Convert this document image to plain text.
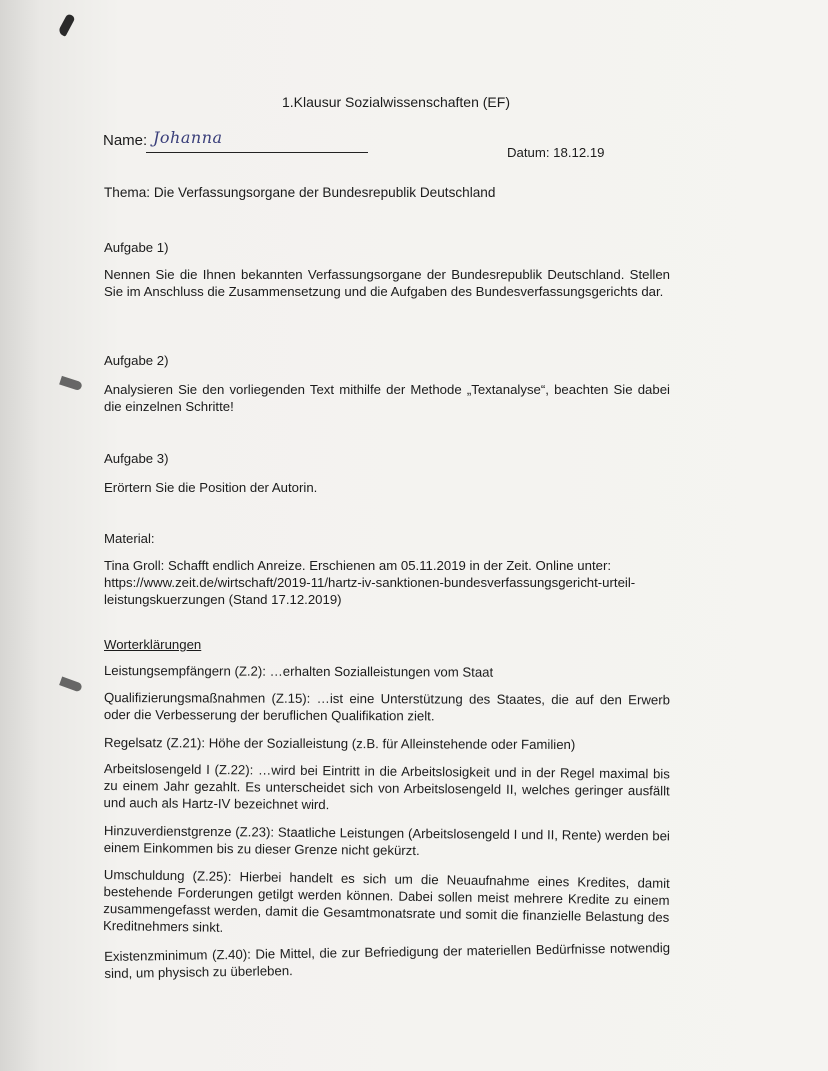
1.Klausur Sozialwissenschaften (EF)
Name: Johanna
Datum: 18.12.19
Thema: Die Verfassungsorgane der Bundesrepublik Deutschland
Aufgabe 1)
Nennen Sie die Ihnen bekannten Verfassungsorgane der Bundesrepublik Deutschland. Stellen Sie im Anschluss die Zusammensetzung und die Aufgaben des Bundesverfassungsgerichts dar.
Aufgabe 2)
Analysieren Sie den vorliegenden Text mithilfe der Methode „Textanalyse“, beachten Sie dabei die einzelnen Schritte!
Aufgabe 3)
Erörtern Sie die Position der Autorin.
Material:
Tina Groll: Schafft endlich Anreize. Erschienen am 05.11.2019 in der Zeit. Online unter: https://www.zeit.de/wirtschaft/2019-11/hartz-iv-sanktionen-bundesverfassungsgericht-urteil-leistungskuerzungen (Stand 17.12.2019)
Worterklärungen
Leistungsempfängern (Z.2): …erhalten Sozialleistungen vom Staat
Qualifizierungsmaßnahmen (Z.15): …ist eine Unterstützung des Staates, die auf den Erwerb oder die Verbesserung der beruflichen Qualifikation zielt.
Regelsatz (Z.21): Höhe der Sozialleistung (z.B. für Alleinstehende oder Familien)
Arbeitslosengeld I (Z.22): …wird bei Eintritt in die Arbeitslosigkeit und in der Regel maximal bis zu einem Jahr gezahlt. Es unterscheidet sich von Arbeitslosengeld II, welches geringer ausfällt und auch als Hartz-IV bezeichnet wird.
Hinzuverdienstgrenze (Z.23): Staatliche Leistungen (Arbeitslosengeld I und II, Rente) werden bei einem Einkommen bis zu dieser Grenze nicht gekürzt.
Umschuldung (Z.25): Hierbei handelt es sich um die Neuaufnahme eines Kredites, damit bestehende Forderungen getilgt werden können. Dabei sollen meist mehrere Kredite zu einem zusammengefasst werden, damit die Gesamtmonatsrate und somit die finanzielle Belastung des Kreditnehmers sinkt.
Existenzminimum (Z.40): Die Mittel, die zur Befriedigung der materiellen Bedürfnisse notwendig sind, um physisch zu überleben.
